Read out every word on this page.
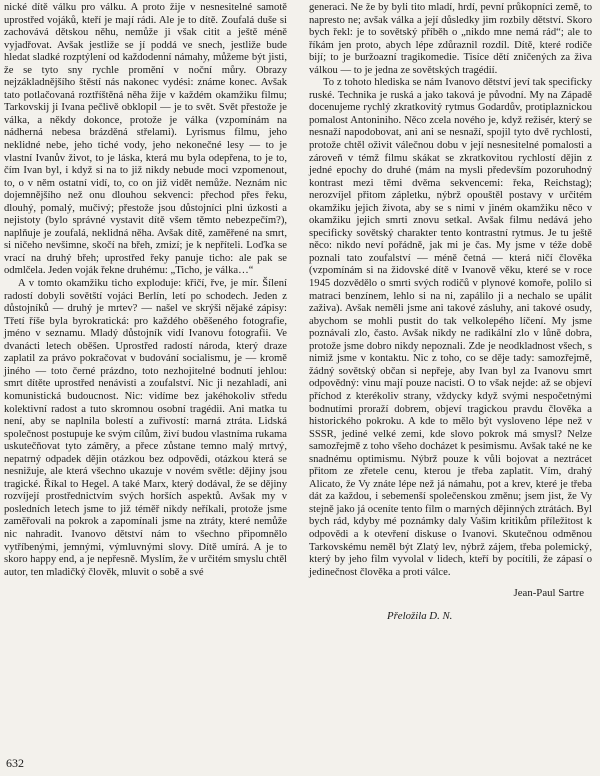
nické dítě válku pro válku. A proto žije v nesnesitelné samotě uprostřed vojáků, kteří je mají rádi. Ale je to dítě. Zoufalá duše si zachovává dětskou něhu, nemůže ji však citit a ještě méně vyjadřovat. Avšak jestliže se jí poddá ve snech, jestliže bude hledat sladké rozptýlení od každodenní námahy, můžeme být jisti, že se tyto sny rychle promění v noční můry. Obrazy nejzákladnějšího štěstí nás nakonec vydési: známe konec. Avšak tato potlačovaná roztříštěná něha žije v každém okamžiku filmu; Tarkovskij ji Ivana pečlivě obklopil — je to svět. Svět přestože je válka, a někdy dokonce, protože je válka (vzpomínám na nádherná nebesa brázděná střelami). Lyrismus filmu, jeho neklidné nebe, jeho tiché vody, jeho nekonečné lesy — to je vlastní Ivanův život, to je láska, která mu byla odepřena, to je to, čím Ivan byl, i když si na to již nikdy nebude moci vzpomenout, to, o v něm ostatní vidí, to, co on již vidět nemůže. Neznám nic dojemnějšího než onu dlouhou sekvenci: přechod přes řeku, dlouhý, pomalý, mučivý; přestože jsou důstojníci plni úzkosti a nejistoty (bylo správné vystavit dítě všem těmto nebezpečím?), naplňuje je zoufalá, neklidná něha. Avšak dítě, zaměřené na smrt, si ničeho nevšimne, skočí na břeh, zmizí; je k nepříteli. Loďka se vrací na druhý břeh; uprostřed řeky panuje ticho: ale pak se odmlčela. Jeden voják řekne druhému: „Ticho, je válka…“

A v tomto okamžiku ticho exploduje: křičí, řve, je mír. Šílení radostí dobyli sovětští vojáci Berlín, letí po schodech. Jeden z důstojníků — druhý je mrtev? — našel ve skrýši nějaké zápisy: Třetí říše byla byrokratická: pro každého oběšeného fotografie, jméno v seznamu. Mladý důstojník vidí Ivanovu fotografii. Ve dvanácti letech oběšen. Uprostřed radostí národa, který draze zaplatil za právo pokračovat v budování socialismu, je — kromě jiného — toto černé prázdno, toto nezhojitelné bodnutí jehlou: smrt dítěte uprostřed nenávisti a zoufalství. Nic ji nezahladí, ani komunistická budoucnost. Nic: vidíme bez jakéhokoliv středu kolektivní radost a tuto skromnou osobní tragédii. Ani matka tu není, aby se naplnila bolestí a zuřivostí: marná ztráta. Lidská společnost postupuje ke svým cílům, živí budou vlastníma rukama uskutečňovat tyto záměry, a přece zůstane temno malý mrtvý, nepatrný odpadek dějin otázkou bez odpovědi, otázkou která se nesnižuje, ale která všechno ukazuje v novém světle: dějiny jsou tragické. Říkal to Hegel. A také Marx, který dodával, že se dějiny rozvíjejí prostřednictvím svých horších aspektů. Avšak my v posledních letech jsme to již téměř nikdy neříkali, protože jsme zaměřovali na pokrok a zapomínali jsme na ztráty, které nemůže nic nahradit. Ivanovo dětství nám to všechno připomnělo vytříbenými, jemnými, výmluvnými slovy. Dítě umírá. A je to skoro happy end, a je nepřesně. Myslím, že v určitém smyslu chtěl autor, ten mladičký člověk, mluvit o sobě a své

generaci. Ne že by byli tito mladí, hrdí, pevní průkopníci země, to napresto ne; avšak válka a její důsledky jim rozbily dětství. Skoro bych řekl: je to sovětský příběh o „nikdo mne nemá rád“; ale to říkám jen proto, abych lépe zdůraznil rozdíl. Dítě, které rodiče bijí; to je buržoazní tragikomedie. Tisíce dětí zničených za živa válkou — to je jedna ze sovětských tragédií.

To z tohoto hlediska se nám Ivanovo dětství jeví tak specificky ruské. Technika je ruská a jako taková je původní. My na Západě docenujeme rychlý zkratkovitý rytmus Godardův, protiplaznickou pomalost Antoniniho. Něco zcela nového je, když režisér, který se nesnaží napodobovat, ani ani se nesnaží, spojil tyto dvě rychlosti, protože chtěl oživit válečnou dobu v její nesnesitelné pomalosti a zároveň v témž filmu skákat se zkratkovitou rychlostí dějin z jedné epochy do druhé (mám na mysli především pozoruhodný kontrast mezi těmi dvěma sekvencemi: řeka, Reichstag); nerozvíjel přitom zápletku, nýbrž opouštěl postavy v určitém okamžiku jejich života, aby se s nimi v jiném okamžiku něco v okamžiku jejich smrti znovu setkal. Avšak filmu nedává jeho specificky sovětský charakter tento kontrastní rytmus. Je tu ještě něco: nikdo neví pořádně, jak mi je čas. My jsme v téže době poznali tato zoufalství — méně četná — která ničí člověka (vzpomínám si na židovské dítě v Ivanově věku, které se v roce 1945 dozvědělo o smrti svých rodičů v plynové komoře, polilo si matraci benzínem, lehlo si na ni, zapálilo ji a nechalo se upálit zaživa). Avšak neměli jsme ani takové zásluhy, ani takové osudy, abychom se mohli pustit do tak velkolepého líčení. My jsme poznávali zlo, často. Avšak nikdy ne radikální zlo v lůně dobra, protože jsme dobro nikdy nepoznali. Zde je neodkladnost všech, s nimiž jsme v kontaktu. Nic z toho, co se děje tady: samozřejmě, žádný sovětský občan si nepřeje, aby Ivan byl za Ivanovu smrt odpovědný: vinu mají pouze nacisti. O to však nejde: až se objeví příchod z kterékoliv strany, vždycky když svými nespočetnými bodnutími proraží dobrem, objeví tragickou pravdu člověka a historického pokroku. A kde to mělo být vysloveno lépe než v SSSR, jediné velké zemi, kde slovo pokrok má smysl? Nelze samozřejmě z toho všeho docházet k pesimismu. Avšak také ne ke snadnému optimismu. Nýbrž pouze k vůli bojovat a neztrácet přitom ze zřetele cenu, kterou je třeba zaplatit. Vím, drahý Alicato, že Vy znáte lépe než já námahu, pot a krev, které je třeba dát za každou, i sebemenší společenskou změnu; jsem jist, že Vy stejně jako já oceníte tento film o marných dějinných ztrátách. Byl bych rád, kdyby mé poznámky daly Vašim kritikům příležitost k odpovědi a k otevření diskuse o Ivanovi. Skutečnou odměnou Tarkovskému neměl být Zlatý lev, nýbrž zájem, třeba polemický, který by jeho film vyvolal v lidech, kteří by pocítili, že zápasí o jedinečnost člověka a proti válce.

Jean-Paul Sartre
Přeložila D. N.
632
